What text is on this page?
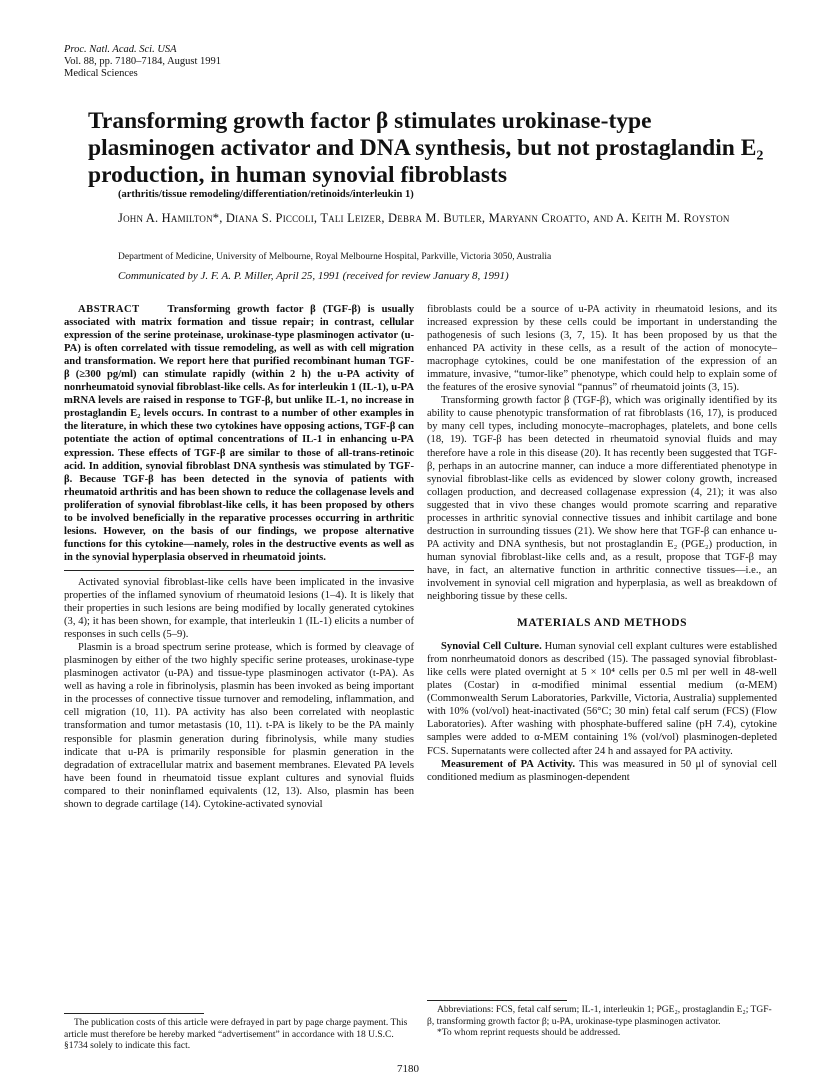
Proc. Natl. Acad. Sci. USA
Vol. 88, pp. 7180–7184, August 1991
Medical Sciences
Transforming growth factor β stimulates urokinase-type plasminogen activator and DNA synthesis, but not prostaglandin E₂ production, in human synovial fibroblasts
(arthritis/tissue remodeling/differentiation/retinoids/interleukin 1)
John A. Hamilton*, Diana S. Piccoli, Tali Leizer, Debra M. Butler, Maryann Croatto, and A. Keith M. Royston
Department of Medicine, University of Melbourne, Royal Melbourne Hospital, Parkville, Victoria 3050, Australia
Communicated by J. F. A. P. Miller, April 25, 1991 (received for review January 8, 1991)

ABSTRACT	Transforming growth factor β (TGF-β) is usually associated with matrix formation and tissue repair; in contrast, cellular expression of the serine proteinase, urokinase-type plasminogen activator (u-PA) is often correlated with tissue remodeling, as well as with cell migration and transformation. We report here that purified recombinant human TGF-β (≥300 pg/ml) can stimulate rapidly (within 2 h) the u-PA activity of nonrheumatoid synovial fibroblast-like cells. As for interleukin 1 (IL-1), u-PA mRNA levels are raised in response to TGF-β, but unlike IL-1, no increase in prostaglandin E₂ levels occurs. In contrast to a number of other examples in the literature, in which these two cytokines have opposing actions, TGF-β can potentiate the action of optimal concentrations of IL-1 in enhancing u-PA expression. These effects of TGF-β are similar to those of all-trans-retinoic acid. In addition, synovial fibroblast DNA synthesis was stimulated by TGF-β. Because TGF-β has been detected in the synovia of patients with rheumatoid arthritis and has been shown to reduce the collagenase levels and proliferation of synovial fibroblast-like cells, it has been proposed by others to be involved beneficially in the reparative processes occurring in arthritic lesions. However, on the basis of our findings, we propose alternative functions for this cytokine—namely, roles in the destructive events as well as in the synovial hyperplasia observed in rheumatoid joints.

Activated synovial fibroblast-like cells have been implicated in the invasive properties of the inflamed synovium of rheumatoid lesions (1–4). It is likely that their properties in such lesions are being modified by locally generated cytokines (3, 4); it has been shown, for example, that interleukin 1 (IL-1) elicits a number of responses in such cells (5–9).

Plasmin is a broad spectrum serine protease, which is formed by cleavage of plasminogen by either of the two highly specific serine proteases, urokinase-type plasminogen activator (u-PA) and tissue-type plasminogen activator (t-PA). As well as having a role in fibrinolysis, plasmin has been invoked as being important in the processes of connective tissue turnover and remodeling, inflammation, and cell migration (10, 11). PA activity has also been correlated with neoplastic transformation and tumor metastasis (10, 11). t-PA is likely to be the PA mainly responsible for plasmin generation during fibrinolysis, while many studies indicate that u-PA is primarily responsible for plasmin generation in the degradation of extracellular matrix and basement membranes. Elevated PA levels have been found in rheumatoid tissue explant cultures and synovial fluids compared to their noninflamed equivalents (12, 13). Also, plasmin has been shown to degrade cartilage (14). Cytokine-activated synovial

fibroblasts could be a source of u-PA activity in rheumatoid lesions, and its increased expression by these cells could be important in understanding the pathogenesis of such lesions (3, 7, 15). It has been proposed by us that the enhanced PA activity in these cells, as a result of the action of monocyte–macrophage cytokines, could be one manifestation of the expression of an immature, invasive, “tumor-like” phenotype, which could help to explain some of the features of the erosive synovial “pannus” of rheumatoid joints (3, 15).

Transforming growth factor β (TGF-β), which was originally identified by its ability to cause phenotypic transformation of rat fibroblasts (16, 17), is produced by many cell types, including monocyte–macrophages, platelets, and bone cells (18, 19). TGF-β has been detected in rheumatoid synovial fluids and may therefore have a role in this disease (20). It has recently been suggested that TGF-β, perhaps in an autocrine manner, can induce a more differentiated phenotype in synovial fibroblast-like cells as evidenced by slower colony growth, increased collagen production, and decreased collagenase expression (4, 21); it was also suggested that in vivo these changes would promote scarring and reparative processes in arthritic synovial connective tissues and inhibit cartilage and bone destruction in surrounding tissues (21). We show here that TGF-β can enhance u-PA activity and DNA synthesis, but not prostaglandin E₂ (PGE₂) production, in human synovial fibroblast-like cells and, as a result, propose that TGF-β may have, in fact, an alternative function in arthritic connective tissues—i.e., an involvement in synovial cell migration and hyperplasia, as well as breakdown of neighboring tissue by these cells.

MATERIALS AND METHODS

Synovial Cell Culture. Human synovial cell explant cultures were established from nonrheumatoid donors as described (15). The passaged synovial fibroblast-like cells were plated overnight at 5 × 10⁴ cells per 0.5 ml per well in 48-well plates (Costar) in α-modified minimal essential medium (α-MEM) (Commonwealth Serum Laboratories, Parkville, Victoria, Australia) supplemented with 10% (vol/vol) heat-inactivated (56°C; 30 min) fetal calf serum (FCS) (Flow Laboratories). After washing with phosphate-buffered saline (pH 7.4), cytokine samples were added to α-MEM containing 1% (vol/vol) plasminogen-depleted FCS. Supernatants were collected after 24 h and assayed for PA activity.

Measurement of PA Activity. This was measured in 50 μl of synovial cell conditioned medium as plasminogen-dependent

The publication costs of this article were defrayed in part by page charge payment. This article must therefore be hereby marked “advertisement” in accordance with 18 U.S.C. §1734 solely to indicate this fact.

Abbreviations: FCS, fetal calf serum; IL-1, interleukin 1; PGE₂, prostaglandin E₂; TGF-β, transforming growth factor β; u-PA, urokinase-type plasminogen activator.

*To whom reprint requests should be addressed.

7180
